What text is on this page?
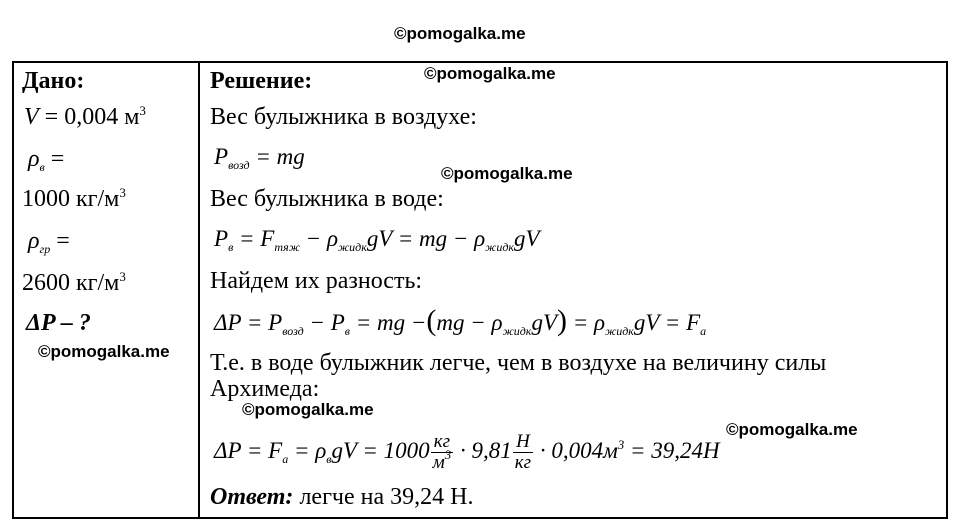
©pomogalka.me
©pomogalka.me
©pomogalka.me
©pomogalka.me
©pomogalka.me
©pomogalka.me
Дано:
V = 0,004 $м^3$
$\rho_в$ =
1000 $кг/м^3$
$\rho_{гр}$ =
2600 $кг/м^3$
ΔP – ?
Решение:
Вес булыжника в воздухе:
$P_{возд}$ = mg
Вес булыжника в воде:
$P_в = F_{тяж} - \rho_{жидк}gV$ = mg − $\rho_{жидк}gV$
Найдем их разность:
$\Delta P = P_{возд} - P_в$ = mg $-(mg - \rho_{жидк}gV) = \rho_{жидк}gV = F_a$
Т.е. в воде булыжник легче, чем в воздухе на величину силы
Архимеда:
$\Delta P = F_a = \rho_вgV = 1000 \frac{кг}{м^3} \cdot 9,81 \frac{Н}{кг} \cdot 0,004м^3 = 39,24Н$
Ответ: легче на 39,24 Н.
